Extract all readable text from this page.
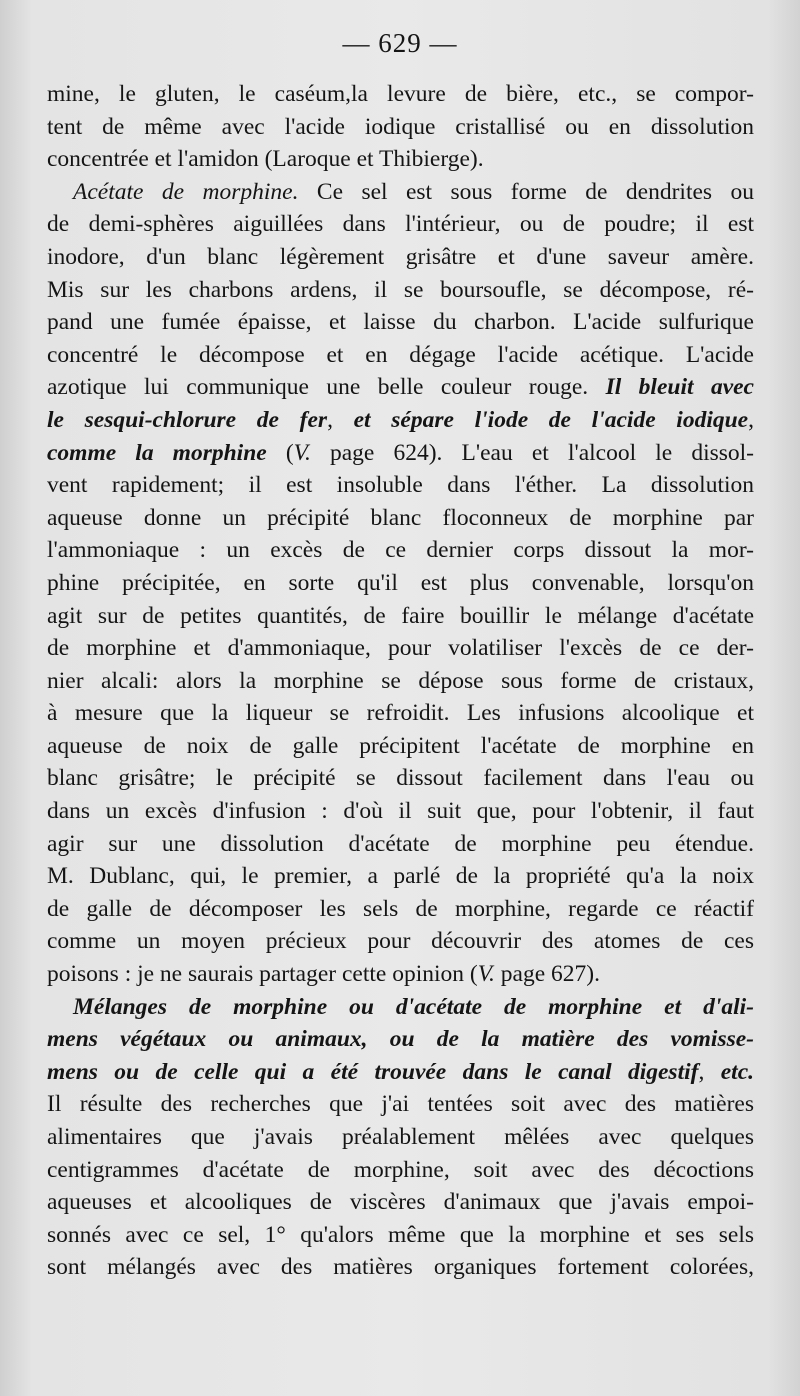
— 629 —
mine, le gluten, le caséum,la levure de bière, etc., se compor-
tent de même avec l'acide iodique cristallisé ou en dissolution
concentrée et l'amidon (Laroque et Thibierge).
Acétate de morphine. Ce sel est sous forme de dendrites ou
de demi-sphères aiguillées dans l'intérieur, ou de poudre; il est
inodore, d'un blanc légèrement grisâtre et d'une saveur amère.
Mis sur les charbons ardens, il se boursoufle, se décompose, ré-
pand une fumée épaisse, et laisse du charbon. L'acide sulfurique
concentré le décompose et en dégage l'acide acétique. L'acide
azotique lui communique une belle couleur rouge. Il bleuit avec
le sesqui-chlorure de fer, et sépare l'iode de l'acide iodique,
comme la morphine (V. page 624). L'eau et l'alcool le dissol-
vent rapidement; il est insoluble dans l'éther. La dissolution
aqueuse donne un précipité blanc floconneux de morphine par
l'ammoniaque : un excès de ce dernier corps dissout la mor-
phine précipitée, en sorte qu'il est plus convenable, lorsqu'on
agit sur de petites quantités, de faire bouillir le mélange d'acétate
de morphine et d'ammoniaque, pour volatiliser l'excès de ce der-
nier alcali: alors la morphine se dépose sous forme de cristaux,
à mesure que la liqueur se refroidit. Les infusions alcoolique et
aqueuse de noix de galle précipitent l'acétate de morphine en
blanc grisâtre; le précipité se dissout facilement dans l'eau ou
dans un excès d'infusion : d'où il suit que, pour l'obtenir, il faut
agir sur une dissolution d'acétate de morphine peu étendue.
M. Dublanc, qui, le premier, a parlé de la propriété qu'a la noix
de galle de décomposer les sels de morphine, regarde ce réactif
comme un moyen précieux pour découvrir des atomes de ces
poisons : je ne saurais partager cette opinion (V. page 627).
Mélanges de morphine ou d'acétate de morphine et d'ali-
mens végétaux ou animaux, ou de la matière des vomisse-
mens ou de celle qui a été trouvée dans le canal digestif, etc.
Il résulte des recherches que j'ai tentées soit avec des matières
alimentaires que j'avais préalablement mêlées avec quelques
centigrammes d'acétate de morphine, soit avec des décoctions
aqueuses et alcooliques de viscères d'animaux que j'avais empoi-
sonnés avec ce sel, 1° qu'alors même que la morphine et ses sels
sont mélangés avec des matières organiques fortement colorées,
